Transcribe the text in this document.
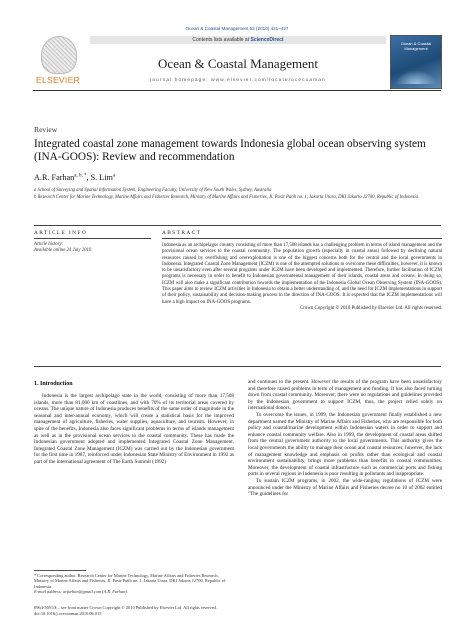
Ocean & Coastal Management 53 (2010) 421–427
ELSEVIER
Contents lists available at ScienceDirect
Ocean & Coastal Management
journal homepage: www.elsevier.com/locate/ocecoaman
Ocean & Coastal Management
Review
Integrated coastal zone management towards Indonesia global ocean observing system (INA-GOOS): Review and recommendation
A.R. Farhan$^{a, b, *}$, S. Lim$^a$
a School of Surveying and Spatial Information System, Engineering Faculty, University of New South Wales, Sydney, Australia
b Research Center for Marine Technology, Marine Affairs and Fisheries Research, Ministry of Marine Affairs and Fisheries, Jl. Pasir Putih no. 1, Jakarta Utara, DKI Jakarta 12700, Republic of Indonesia
ARTICLE INFO
Article history:
Available online 24 July 2010
ABSTRACT
Indonesia as an archipelagos country consisting of more than 17,508 islands has a challenging problem in terms of island management and the provisional ocean services to the coastal community. The population growth (especially in coastal areas) followed by declining natural resources caused by overfishing and overexploitation is one of the biggest concerns both for the central and the local governments in Indonesia. Integrated Coastal Zone Management (ICZM) is one of the attempted solutions to overcome these difficulties, however, it is known to be unsatisfactory even after several programs under ICZM have been developed and implemented. Therefore, further facilitation of ICZM programs is necessary in order to benefit to Indonesian governmental management of their islands, coastal areas and oceans. In doing so, ICZM will also make a significant contribution towards the implementation of the Indonesia Global Ocean Observing System (INA-GOOS). This paper aims to review ICZM activities in Indonesia to obtain a better understanding of, and the need for ICZM implementations in support of their policy, sustainability and decision-making process in the direction of INA-GOOS. It is expected that the ICZM implementations will have a high impact on INA-GOOS programs.
Crown Copyright © 2010 Published by Elsevier Ltd. All rights reserved.
1. Introduction

Indonesia is the largest archipelago state in the world, consisting of more than 17,508 islands, more than 81,000 km of coastlines, and with 70% of its territorial areas covered by oceans. The unique nature of Indonesia produces benefits of the same order of magnitude in the seasonal and inter-annual economy, which will create a statistical basis for the improved management of agriculture, fisheries, water supplies, aquaculture, and tourism. However, in spite of the benefits, Indonesia also faces significant problems in terms of islands management as well as in the provisional ocean services to the coastal community. These has made the Indonesian government adopted and implemented Integrated Coastal Zone Management. Integrated Coastal Zone Management (ICZM) was carried out by the Indonesian government for the first time in 1987, reinforced under Indonesian State Ministry of Environment in 1992 as part of the international agreement of The Earth Summit (1992)

and continues to the present. However the results of the program have been unsatisfactory and therefore raised problems in term of management and funding. It has also faced turning down from coastal community. Moreover, there were no regulations and guidelines provided by the Indonesian government to support ICZM, thus, the project relied solely on international donors.

To overcome the issues, in 1999, the Indonesian government finally established a new department named the Ministry of Marine Affairs and Fisheries, who are responsible for both policy and coastal/marine development within Indonesian waters in order to support and enhance coastal community welfare. Also in 1999, the development of coastal areas shifted from the central government authority to the local governments. This authority gives the local governments the ability to manage their ocean and coastal resources; however, the lack of management knowledge and emphasis on profits rather than ecological and coastal environment sustainability, brings more problems than benefits to coastal communities. Moreover, the development of coastal infrastructure such as commercial ports and fishing ports in several regions in Indonesia is poor resulting in pollutants and inappropriate.

To sustain ICZM programs, in 2002, the wide-ranging regulations of ICZM were announced under the Ministry of Marine Affairs and Fisheries decree no 10 of 2002 entitled "The guidelines for

* Corresponding author. Research Center for Marine Technology, Marine Affairs and Fisheries Research, Ministry of Marine Affairs and Fisheries, Jl. Pasir Putih no. 1, Jakarta Utara, DKI Jakarta 12700, Republic of Indonesia.
E-mail address: arfarhan@gmail.com (A.R. Farhan).
0964-5691/$ – see front matter Crown Copyright © 2010 Published by Elsevier Ltd. All rights reserved.
doi:10.1016/j.ocecoaman.2010.06.015
